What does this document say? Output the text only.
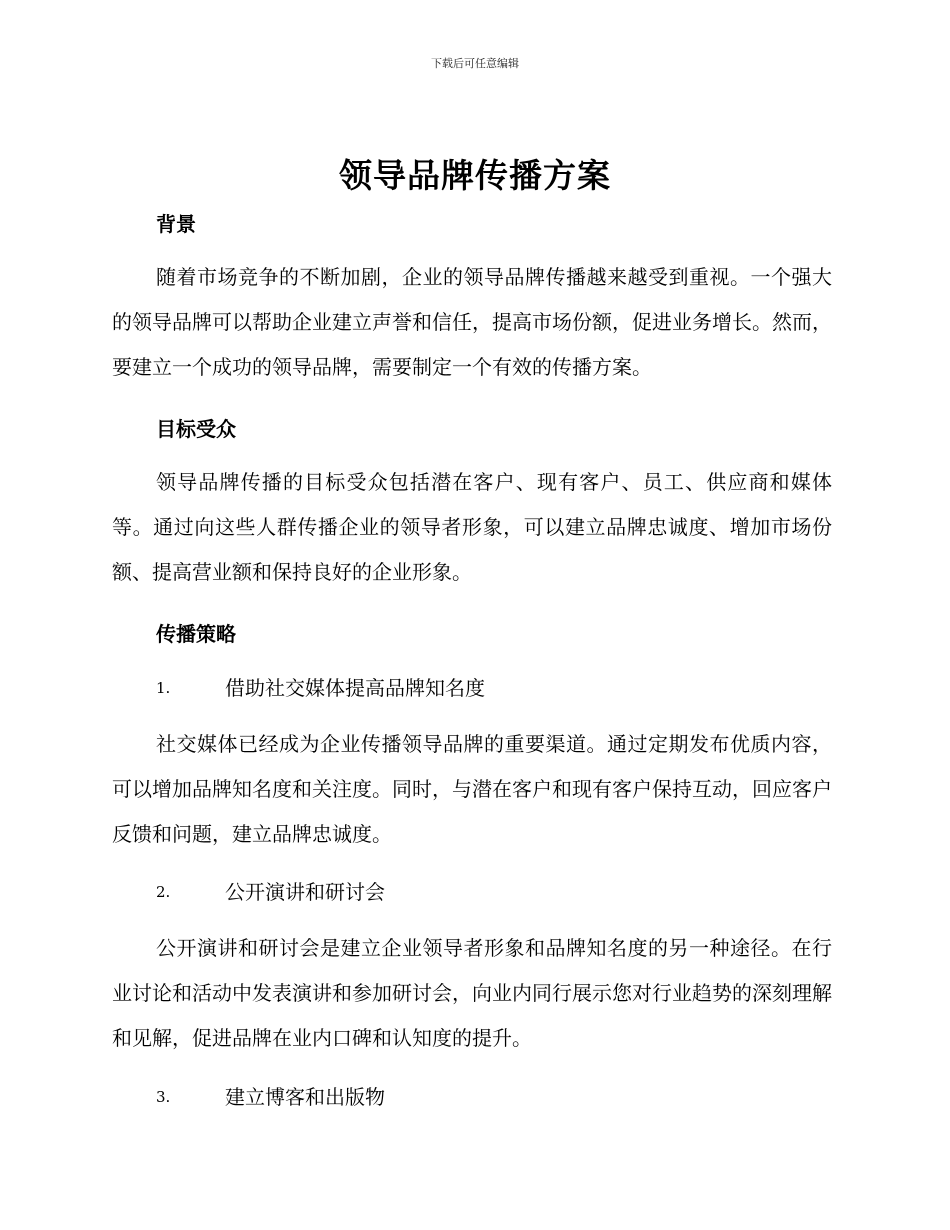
下载后可任意编辑
领导品牌传播方案
背景

随着市场竞争的不断加剧，企业的领导品牌传播越来越受到重视。一个强大的领导品牌可以帮助企业建立声誉和信任，提高市场份额，促进业务增长。然而，要建立一个成功的领导品牌，需要制定一个有效的传播方案。

目标受众

领导品牌传播的目标受众包括潜在客户、现有客户、员工、供应商和媒体等。通过向这些人群传播企业的领导者形象，可以建立品牌忠诚度、增加市场份额、提高营业额和保持良好的企业形象。

传播策略
1.	借助社交媒体提高品牌知名度

社交媒体已经成为企业传播领导品牌的重要渠道。通过定期发布优质内容，可以增加品牌知名度和关注度。同时，与潜在客户和现有客户保持互动，回应客户反馈和问题，建立品牌忠诚度。

2.	公开演讲和研讨会

公开演讲和研讨会是建立企业领导者形象和品牌知名度的另一种途径。在行业讨论和活动中发表演讲和参加研讨会，向业内同行展示您对行业趋势的深刻理解和见解，促进品牌在业内口碑和认知度的提升。

3.	建立博客和出版物
